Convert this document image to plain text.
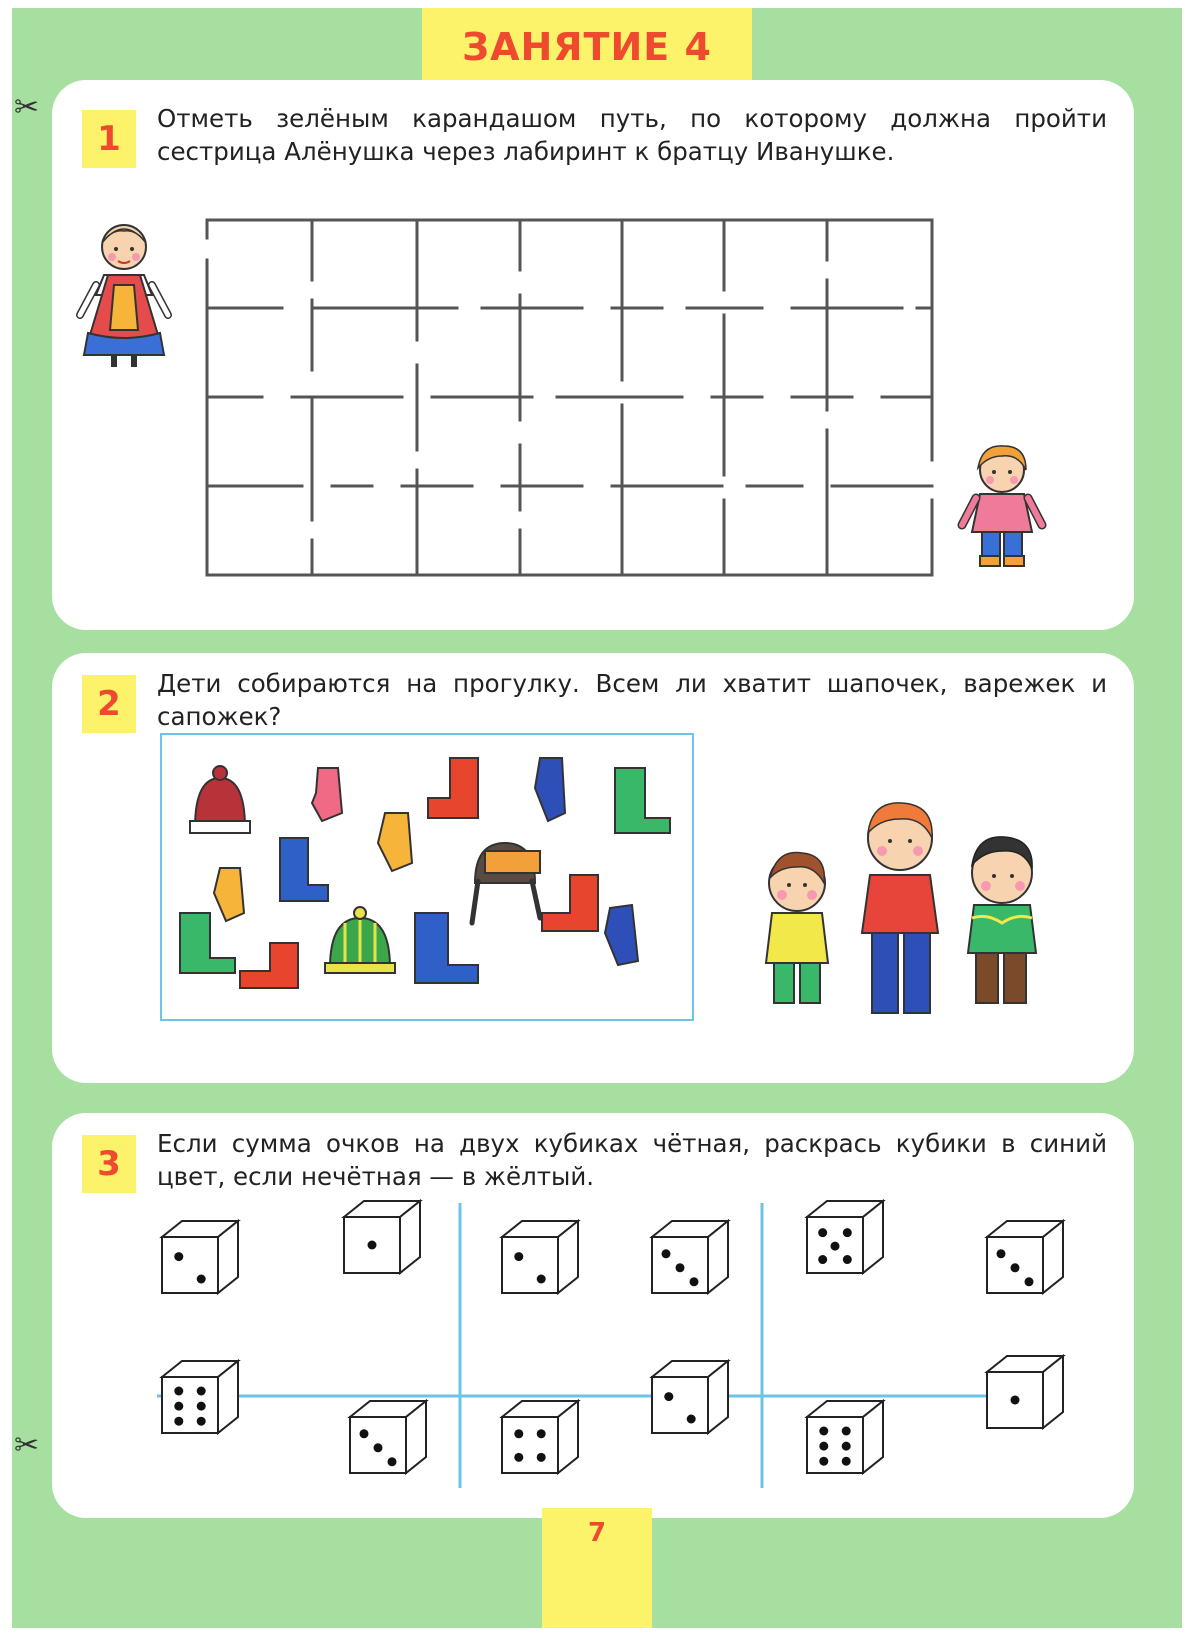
ЗАНЯТИЕ 4
✂
✂
1
Отметь зелёным карандашом путь, по которому должна пройти сестрица Алёнушка через лабиринт к братцу Иванушке.
2
Дети собираются на прогулку. Всем ли хватит шапочек, варежек и сапожек?
3
Если сумма очков на двух кубиках чётная, раскрась кубики в синий цвет, если нечётная — в жёлтый.
7
